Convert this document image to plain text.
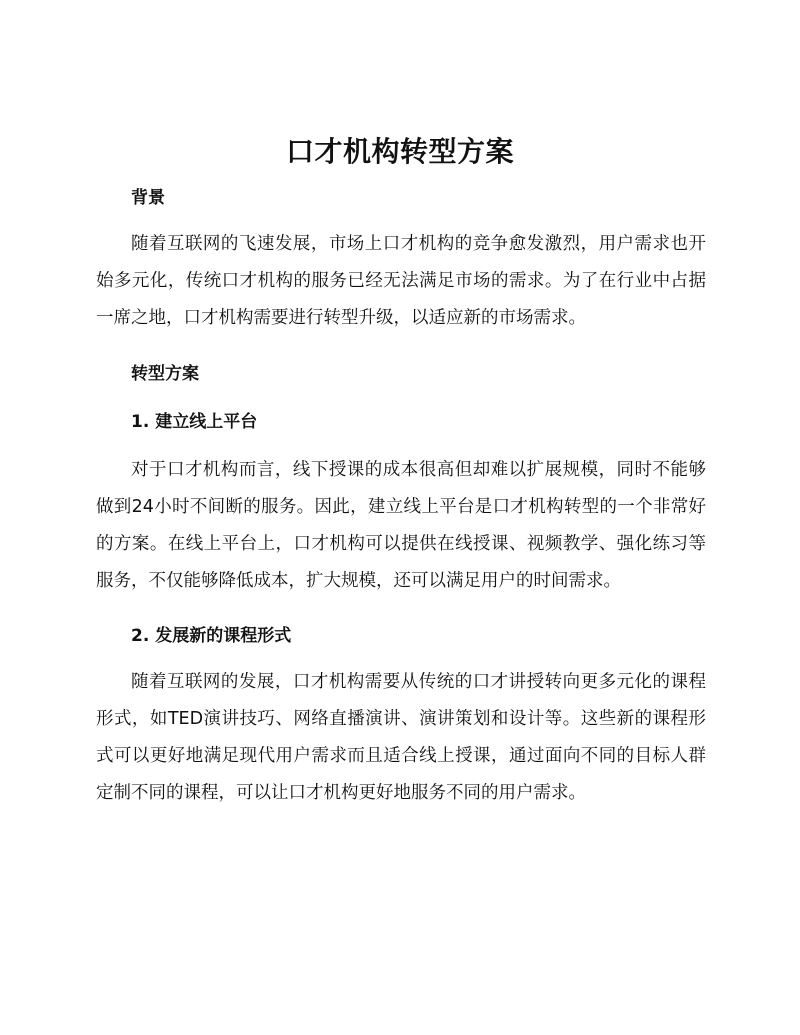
口才机构转型方案
背景

随着互联网的飞速发展，市场上口才机构的竞争愈发激烈，用户需求也开始多元化，传统口才机构的服务已经无法满足市场的需求。为了在行业中占据一席之地，口才机构需要进行转型升级，以适应新的市场需求。

转型方案
1. 建立线上平台

对于口才机构而言，线下授课的成本很高但却难以扩展规模，同时不能够做到24小时不间断的服务。因此，建立线上平台是口才机构转型的一个非常好的方案。在线上平台上，口才机构可以提供在线授课、视频教学、强化练习等服务，不仅能够降低成本，扩大规模，还可以满足用户的时间需求。

2. 发展新的课程形式

随着互联网的发展，口才机构需要从传统的口才讲授转向更多元化的课程形式，如TED演讲技巧、网络直播演讲、演讲策划和设计等。这些新的课程形式可以更好地满足现代用户需求而且适合线上授课，通过面向不同的目标人群定制不同的课程，可以让口才机构更好地服务不同的用户需求。
